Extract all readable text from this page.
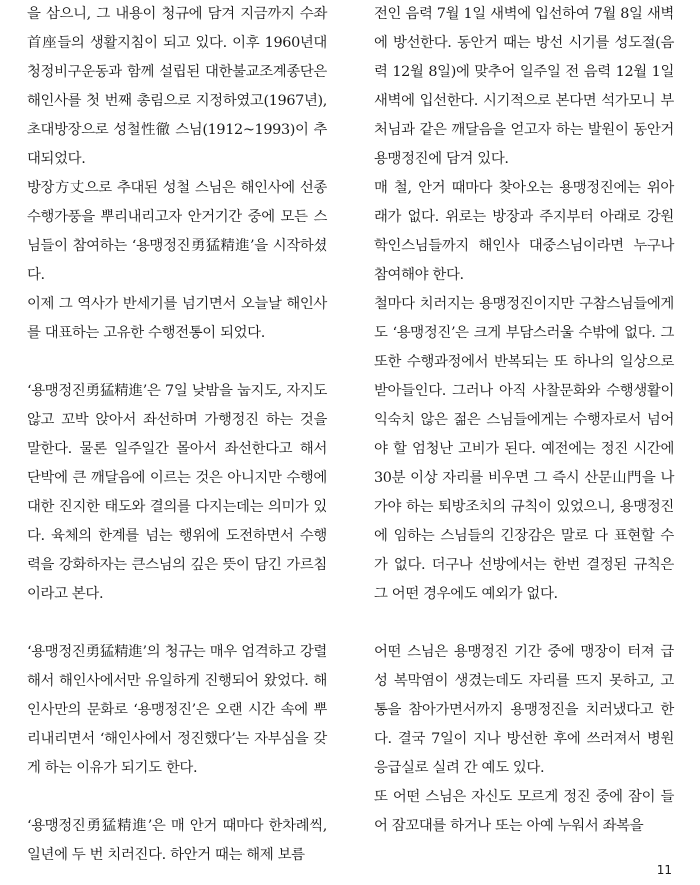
을 삼으니, 그 내용이 청규에 담겨 지금까지 수좌首座들의 생활지침이 되고 있다. 이후 1960년대 청정비구운동과 함께 설립된 대한불교조계종단은 해인사를 첫 번째 총림으로 지정하였고(1967년), 초대방장으로 성철性徹 스님(1912~1993)이 추대되었다.

방장方丈으로 추대된 성철 스님은 해인사에 선종 수행가풍을 뿌리내리고자 안거기간 중에 모든 스님들이 참여하는 ‘용맹정진勇猛精進’을 시작하셨다.

이제 그 역사가 반세기를 넘기면서 오늘날 해인사를 대표하는 고유한 수행전통이 되었다.

‘용맹정진勇猛精進’은 7일 낮밤을 눕지도, 자지도 않고 꼬박 앉아서 좌선하며 가행정진 하는 것을 말한다. 물론 일주일간 몰아서 좌선한다고 해서 단박에 큰 깨달음에 이르는 것은 아니지만 수행에 대한 진지한 태도와 결의를 다지는데는 의미가 있다. 육체의 한계를 넘는 행위에 도전하면서 수행력을 강화하자는 큰스님의 깊은 뜻이 담긴 가르침이라고 본다.

‘용맹정진勇猛精進’의 청규는 매우 엄격하고 강렬해서 해인사에서만 유일하게 진행되어 왔었다. 해인사만의 문화로 ‘용맹정진’은 오랜 시간 속에 뿌리내리면서 ‘해인사에서 정진했다’는 자부심을 갖게 하는 이유가 되기도 한다.

‘용맹정진勇猛精進’은 매 안거 때마다 한차례씩, 일년에 두 번 치러진다. 하안거 때는 해제 보름

전인 음력 7월 1일 새벽에 입선하여 7월 8일 새벽에 방선한다. 동안거 때는 방선 시기를 성도절(음력 12월 8일)에 맞추어 일주일 전 음력 12월 1일 새벽에 입선한다. 시기적으로 본다면 석가모니 부처님과 같은 깨달음을 얻고자 하는 발원이 동안거 용맹정진에 담겨 있다.

매 철, 안거 때마다 찾아오는 용맹정진에는 위아래가 없다. 위로는 방장과 주지부터 아래로 강원 학인스님들까지 해인사 대중스님이라면 누구나 참여해야 한다.

철마다 치러지는 용맹정진이지만 구참스님들에게도 ‘용맹정진’은 크게 부담스러울 수밖에 없다. 그 또한 수행과정에서 반복되는 또 하나의 일상으로 받아들인다. 그러나 아직 사찰문화와 수행생활이 익숙치 않은 젊은 스님들에게는 수행자로서 넘어야 할 엄청난 고비가 된다. 예전에는 정진 시간에 30분 이상 자리를 비우면 그 즉시 산문山門을 나가야 하는 퇴방조치의 규칙이 있었으니, 용맹정진에 임하는 스님들의 긴장감은 말로 다 표현할 수가 없다. 더구나 선방에서는 한번 결정된 규칙은 그 어떤 경우에도 예외가 없다.

어떤 스님은 용맹정진 기간 중에 맹장이 터져 급성 복막염이 생겼는데도 자리를 뜨지 못하고, 고통을 참아가면서까지 용맹정진을 치러냈다고 한다. 결국 7일이 지나 방선한 후에 쓰러져서 병원 응급실로 실려 간 예도 있다.

또 어떤 스님은 자신도 모르게 정진 중에 잠이 들어 잠꼬대를 하거나 또는 아예 누워서 좌복을

11
